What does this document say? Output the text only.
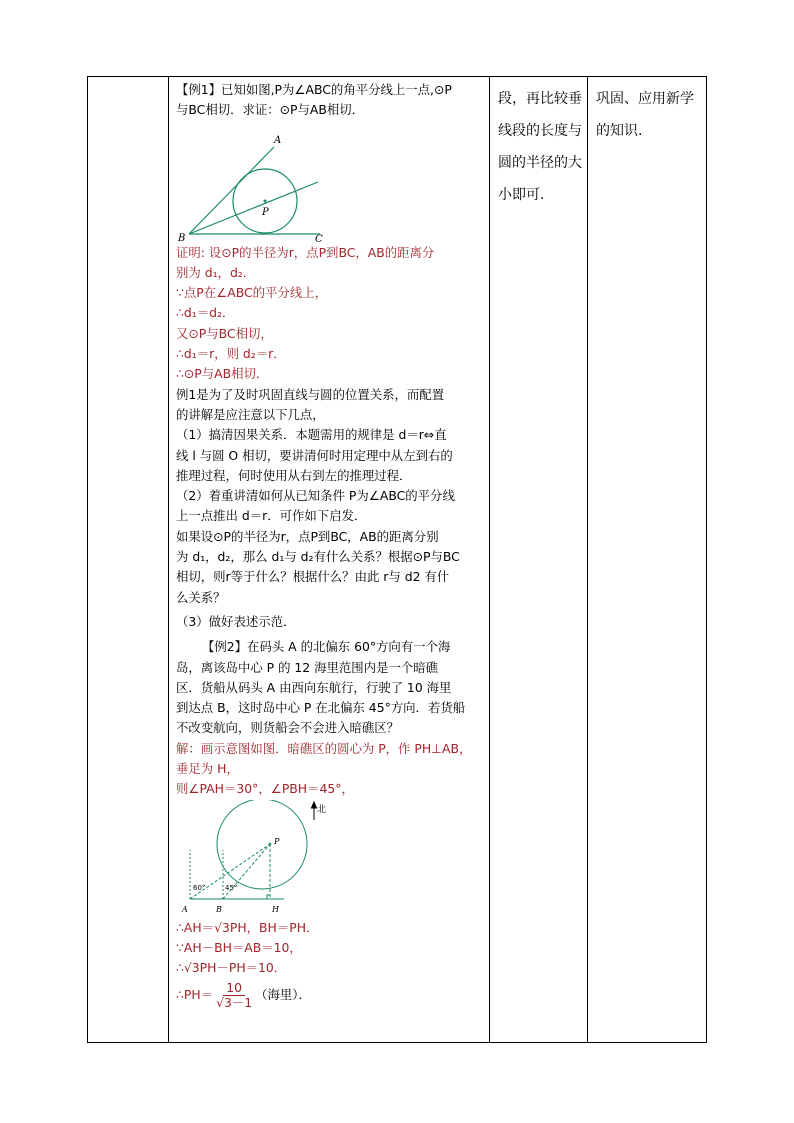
【例1】已知如图,P为∠ABC的角平分线上一点,⊙P
与BC相切．求证：⊙P与AB相切．
A
B	C
P
证明: 设⊙P的半径为r，点P到BC，AB的距离分
别为 d₁，d₂．
∵点P在∠ABC的平分线上，
∴d₁＝d₂．
又⊙P与BC相切，
∴d₁＝r，则 d₂＝r．
∴⊙P与AB相切．
例1是为了及时巩固直线与圆的位置关系，而配置
的讲解是应注意以下几点，
（1）搞清因果关系．本题需用的规律是 d＝r⇔直
线 l 与圆 O 相切，要讲清何时用定理中从左到右的
推理过程，何时使用从右到左的推理过程．
（2）着重讲清如何从已知条件 P为∠ABC的平分线
上一点推出 d＝r．可作如下启发．
如果设⊙P的半径为r，点P到BC，AB的距离分别
为 d₁，d₂，那么 d₁与 d₂有什么关系？根据⊙P与BC
相切，则r等于什么？根据什么？由此 r与 d2 有什
么关系？
（3）做好表述示范．
【例2】在码头 A 的北偏东 60°方向有一个海
岛，离该岛中心 P 的 12 海里范围内是一个暗礁
区．货船从码头 A 由西向东航行，行驶了 10 海里
到达点 B，这时岛中心 P 在北偏东 45°方向．若货船
不改变航向，则货船会不会进入暗礁区？
解：画示意图如图．暗礁区的圆心为 P，作 PH⊥AB，
垂足为 H，
则∠PAH＝30°，∠PBH＝45°，
北
P
A	B	H
60°	45°
∴AH＝√3PH，BH＝PH．
∵AH－BH＝AB＝10，
∴√3PH－PH＝10．
∴PH＝ $\frac{10}{√3-1}$ （海里）．
段，再比较垂
线段的长度与
圆的半径的大
小即可.
巩固、应用新学
的知识.
